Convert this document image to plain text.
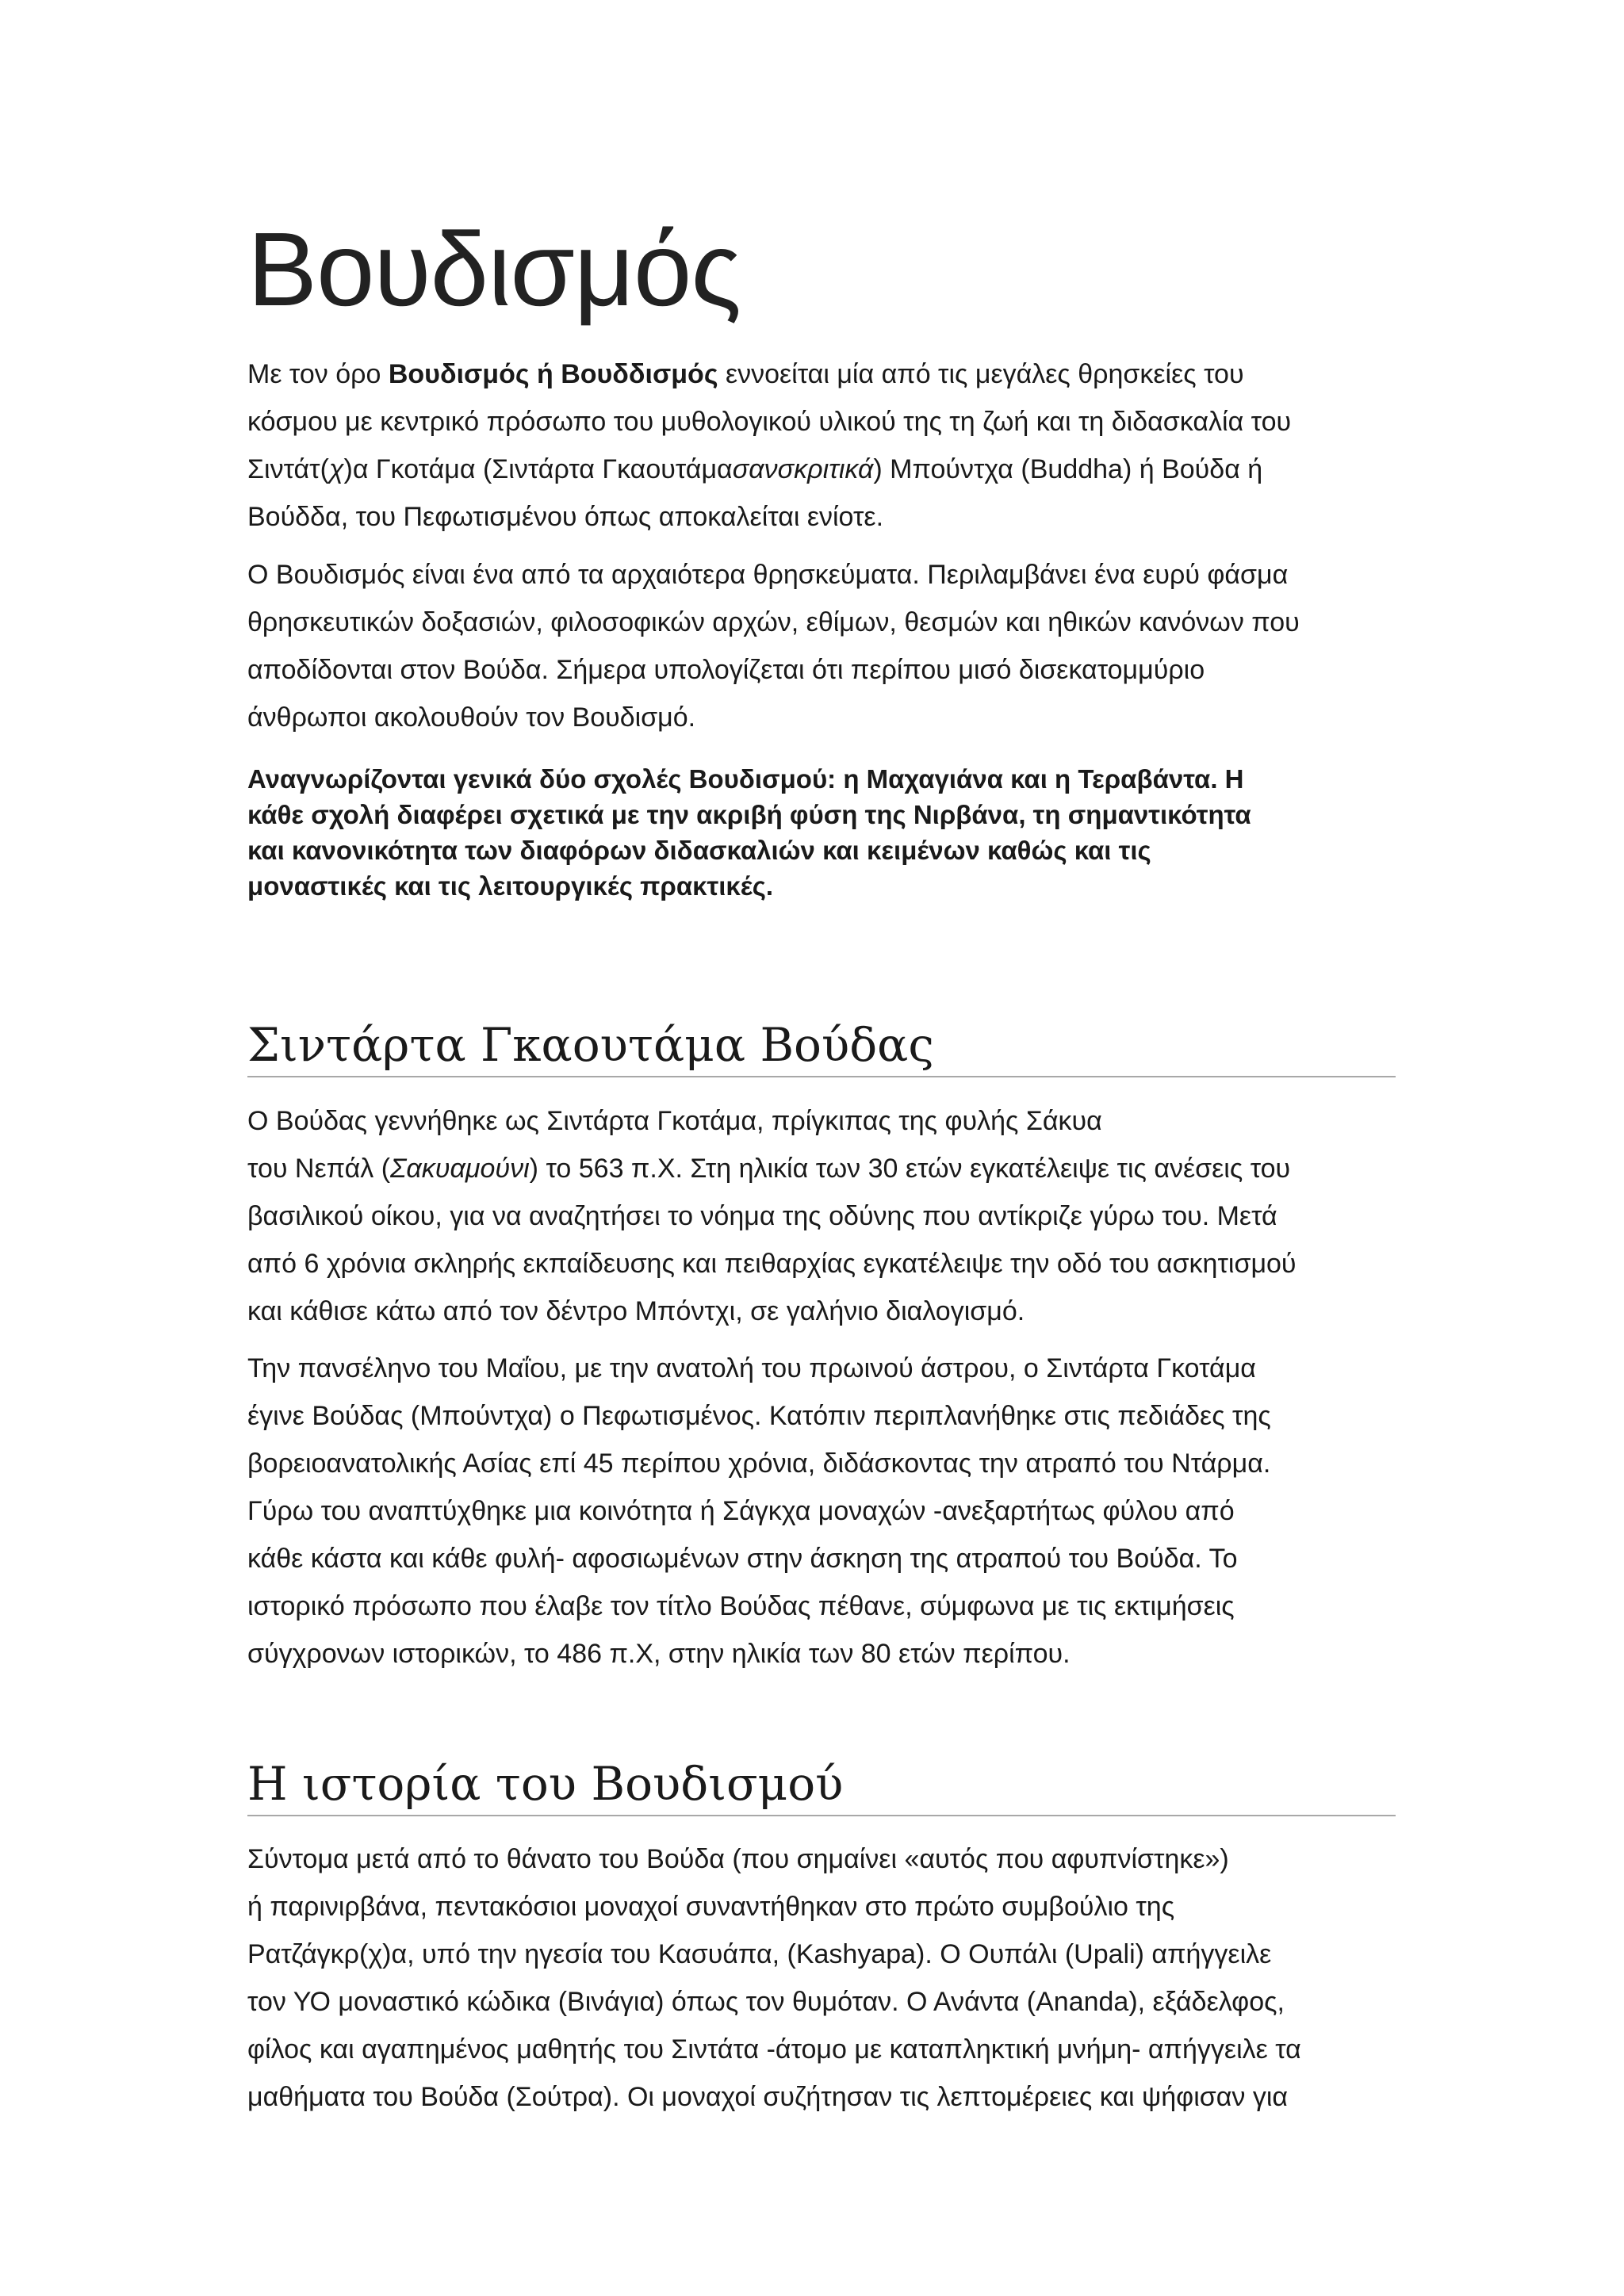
Βουδισμός
Με τον όρο Βουδισμός ή Βουδδισμός εννοείται μία από τις μεγάλες θρησκείες του
κόσμου με κεντρικό πρόσωπο του μυθολογικού υλικού της τη ζωή και τη διδασκαλία του
Σιντάτ(χ)α Γκοτάμα (Σιντάρτα Γκαουτάμασανσκριτικά) Μπούντχα (Buddha) ή Βούδα ή
Βούδδα, του Πεφωτισμένου όπως αποκαλείται ενίοτε.
Ο Βουδισμός είναι ένα από τα αρχαιότερα θρησκεύματα. Περιλαμβάνει ένα ευρύ φάσμα
θρησκευτικών δοξασιών, φιλοσοφικών αρχών, εθίμων, θεσμών και ηθικών κανόνων που
αποδίδονται στον Βούδα. Σήμερα υπολογίζεται ότι περίπου μισό δισεκατομμύριο
άνθρωποι ακολουθούν τον Βουδισμό.
Αναγνωρίζονται γενικά δύο σχολές Βουδισμού: η Μαχαγιάνα και η Τεραβάντα. Η
κάθε σχολή διαφέρει σχετικά με την ακριβή φύση της Νιρβάνα, τη σημαντικότητα
και κανονικότητα των διαφόρων διδασκαλιών και κειμένων καθώς και τις
μοναστικές και τις λειτουργικές πρακτικές.
Σιντάρτα Γκαουτάμα Βούδας
Ο Βούδας γεννήθηκε ως Σιντάρτα Γκοτάμα, πρίγκιπας της φυλής Σάκυα
του Νεπάλ (Σακυαμούνι) το 563 π.Χ. Στη ηλικία των 30 ετών εγκατέλειψε τις ανέσεις του
βασιλικού οίκου, για να αναζητήσει το νόημα της οδύνης που αντίκριζε γύρω του. Μετά
από 6 χρόνια σκληρής εκπαίδευσης και πειθαρχίας εγκατέλειψε την οδό του ασκητισμού
και κάθισε κάτω από τον δέντρο Μπόντχι, σε γαλήνιο διαλογισμό.
Την πανσέληνο του Μαΐου, με την ανατολή του πρωινού άστρου, ο Σιντάρτα Γκοτάμα
έγινε Βούδας (Μπούντχα) ο Πεφωτισμένος. Κατόπιν περιπλανήθηκε στις πεδιάδες της
βορειοανατολικής Ασίας επί 45 περίπου χρόνια, διδάσκοντας την ατραπό του Ντάρμα.
Γύρω του αναπτύχθηκε μια κοινότητα ή Σάγκχα μοναχών -ανεξαρτήτως φύλου από
κάθε κάστα και κάθε φυλή- αφοσιωμένων στην άσκηση της ατραπού του Βούδα. Το
ιστορικό πρόσωπο που έλαβε τον τίτλο Βούδας πέθανε, σύμφωνα με τις εκτιμήσεις
σύγχρονων ιστορικών, το 486 π.Χ, στην ηλικία των 80 ετών περίπου.
Η ιστορία του Βουδισμού
Σύντομα μετά από το θάνατο του Βούδα (που σημαίνει «αυτός που αφυπνίστηκε»)
ή παρινιρβάνα, πεντακόσιοι μοναχοί συναντήθηκαν στο πρώτο συμβούλιο της
Ρατζάγκρ(χ)α, υπό την ηγεσία του Κασυάπα, (Kashyapa). Ο Ουπάλι (Upali) απήγγειλε
τον ΥΟ μοναστικό κώδικα (Βινάγια) όπως τον θυμόταν. Ο Ανάντα (Ananda), εξάδελφος,
φίλος και αγαπημένος μαθητής του Σιντάτα -άτομο με καταπληκτική μνήμη- απήγγειλε τα
μαθήματα του Βούδα (Σούτρα). Οι μοναχοί συζήτησαν τις λεπτομέρειες και ψήφισαν για
